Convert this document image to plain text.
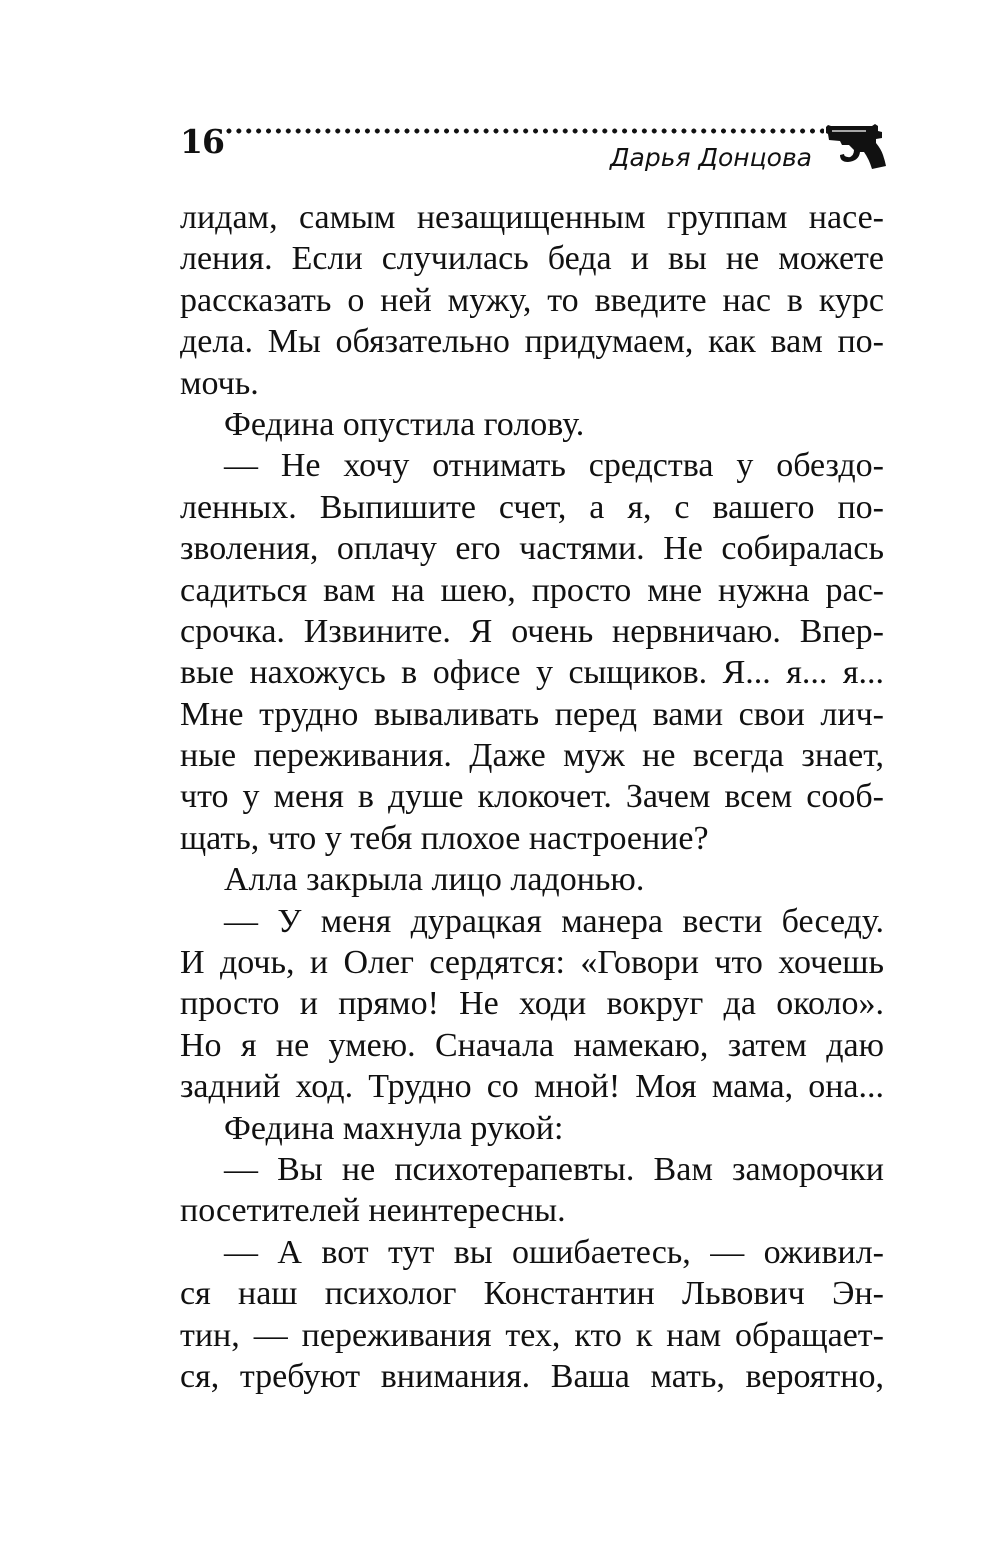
16	Дарья Донцова
лидам, самым незащищенным группам насе-
ления. Если случилась беда и вы не можете
рассказать о ней мужу, то введите нас в курс
дела. Мы обязательно придумаем, как вам по-
мочь.
Федина опустила голову.
— Не хочу отнимать средства у обездо-
ленных. Выпишите счет, а я, с вашего по-
зволения, оплачу его частями. Не собиралась
садиться вам на шею, просто мне нужна рас-
срочка. Извините. Я очень нервничаю. Впер-
вые нахожусь в офисе у сыщиков. Я... я... я...
Мне трудно вываливать перед вами свои лич-
ные переживания. Даже муж не всегда знает,
что у меня в душе клокочет. Зачем всем сооб-
щать, что у тебя плохое настроение?
Алла закрыла лицо ладонью.
— У меня дурацкая манера вести беседу.
И дочь, и Олег сердятся: «Говори что хочешь
просто и прямо! Не ходи вокруг да около».
Но я не умею. Сначала намекаю, затем даю
задний ход. Трудно со мной! Моя мама, она...
Федина махнула рукой:
— Вы не психотерапевты. Вам заморочки
посетителей неинтересны.
— А вот тут вы ошибаетесь, — оживил-
ся наш психолог Константин Львович Эн-
тин, — переживания тех, кто к нам обращает-
ся, требуют внимания. Ваша мать, вероятно,
